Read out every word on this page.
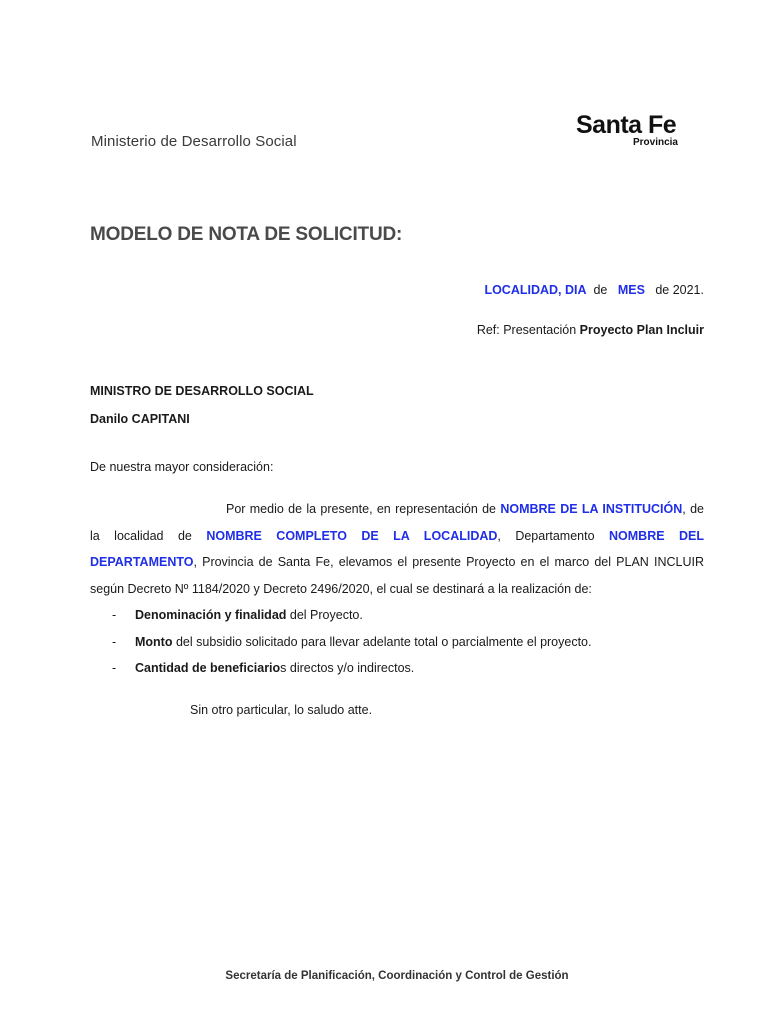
Ministerio de Desarrollo Social
Santa Fe
Provincia
MODELO DE NOTA DE SOLICITUD:
LOCALIDAD, DIA de MES de 2021.
Ref: Presentación Proyecto Plan Incluir
MINISTRO DE DESARROLLO SOCIAL
Danilo CAPITANI
De nuestra mayor consideración:
Por medio de la presente, en representación de NOMBRE DE LA INSTITUCIÓN, de la localidad de NOMBRE COMPLETO DE LA LOCALIDAD, Departamento NOMBRE DEL DEPARTAMENTO, Provincia de Santa Fe, elevamos el presente Proyecto en el marco del PLAN INCLUIR según Decreto Nº 1184/2020 y Decreto 2496/2020, el cual se destinará a la realización de:
- Denominación y finalidad del Proyecto.
- Monto del subsidio solicitado para llevar adelante total o parcialmente el proyecto.
- Cantidad de beneficiarios directos y/o indirectos.
Sin otro particular, lo saludo atte.
Secretaría de Planificación, Coordinación y Control de Gestión
